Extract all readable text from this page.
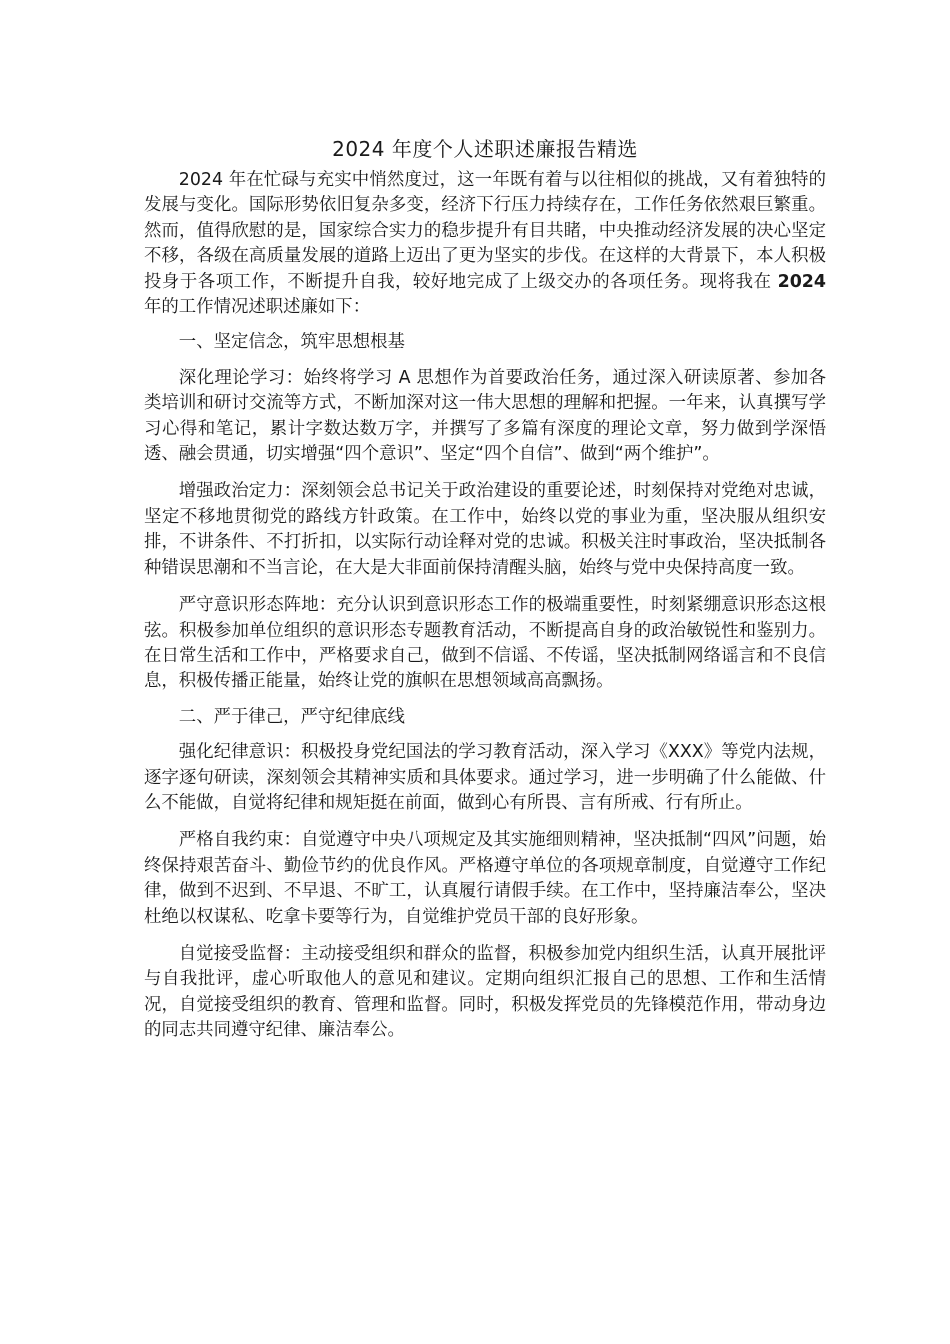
2024 年度个人述职述廉报告精选

2024 年在忙碌与充实中悄然度过，这一年既有着与以往相似的挑战，又有着独特的发展与变化。国际形势依旧复杂多变，经济下行压力持续存在，工作任务依然艰巨繁重。然而，值得欣慰的是，国家综合实力的稳步提升有目共睹，中央推动经济发展的决心坚定不移，各级在高质量发展的道路上迈出了更为坚实的步伐。在这样的大背景下，本人积极投身于各项工作，不断提升自我，较好地完成了上级交办的各项任务。现将我在 2024 年的工作情况述职述廉如下：

一、坚定信念，筑牢思想根基

深化理论学习：始终将学习 A 思想作为首要政治任务，通过深入研读原著、参加各类培训和研讨交流等方式，不断加深对这一伟大思想的理解和把握。一年来，认真撰写学习心得和笔记，累计字数达数万字，并撰写了多篇有深度的理论文章，努力做到学深悟透、融会贯通，切实增强“四个意识”、坚定“四个自信”、做到“两个维护”。

增强政治定力：深刻领会总书记关于政治建设的重要论述，时刻保持对党绝对忠诚，坚定不移地贯彻党的路线方针政策。在工作中，始终以党的事业为重，坚决服从组织安排，不讲条件、不打折扣，以实际行动诠释对党的忠诚。积极关注时事政治，坚决抵制各种错误思潮和不当言论，在大是大非面前保持清醒头脑，始终与党中央保持高度一致。

严守意识形态阵地：充分认识到意识形态工作的极端重要性，时刻紧绷意识形态这根弦。积极参加单位组织的意识形态专题教育活动，不断提高自身的政治敏锐性和鉴别力。在日常生活和工作中，严格要求自己，做到不信谣、不传谣，坚决抵制网络谣言和不良信息，积极传播正能量，始终让党的旗帜在思想领域高高飘扬。

二、严于律己，严守纪律底线

强化纪律意识：积极投身党纪国法的学习教育活动，深入学习《XXX》等党内法规，逐字逐句研读，深刻领会其精神实质和具体要求。通过学习，进一步明确了什么能做、什么不能做，自觉将纪律和规矩挺在前面，做到心有所畏、言有所戒、行有所止。

严格自我约束：自觉遵守中央八项规定及其实施细则精神，坚决抵制“四风”问题，始终保持艰苦奋斗、勤俭节约的优良作风。严格遵守单位的各项规章制度，自觉遵守工作纪律，做到不迟到、不早退、不旷工，认真履行请假手续。在工作中，坚持廉洁奉公，坚决杜绝以权谋私、吃拿卡要等行为，自觉维护党员干部的良好形象。

自觉接受监督：主动接受组织和群众的监督，积极参加党内组织生活，认真开展批评与自我批评，虚心听取他人的意见和建议。定期向组织汇报自己的思想、工作和生活情况，自觉接受组织的教育、管理和监督。同时，积极发挥党员的先锋模范作用，带动身边的同志共同遵守纪律、廉洁奉公。
